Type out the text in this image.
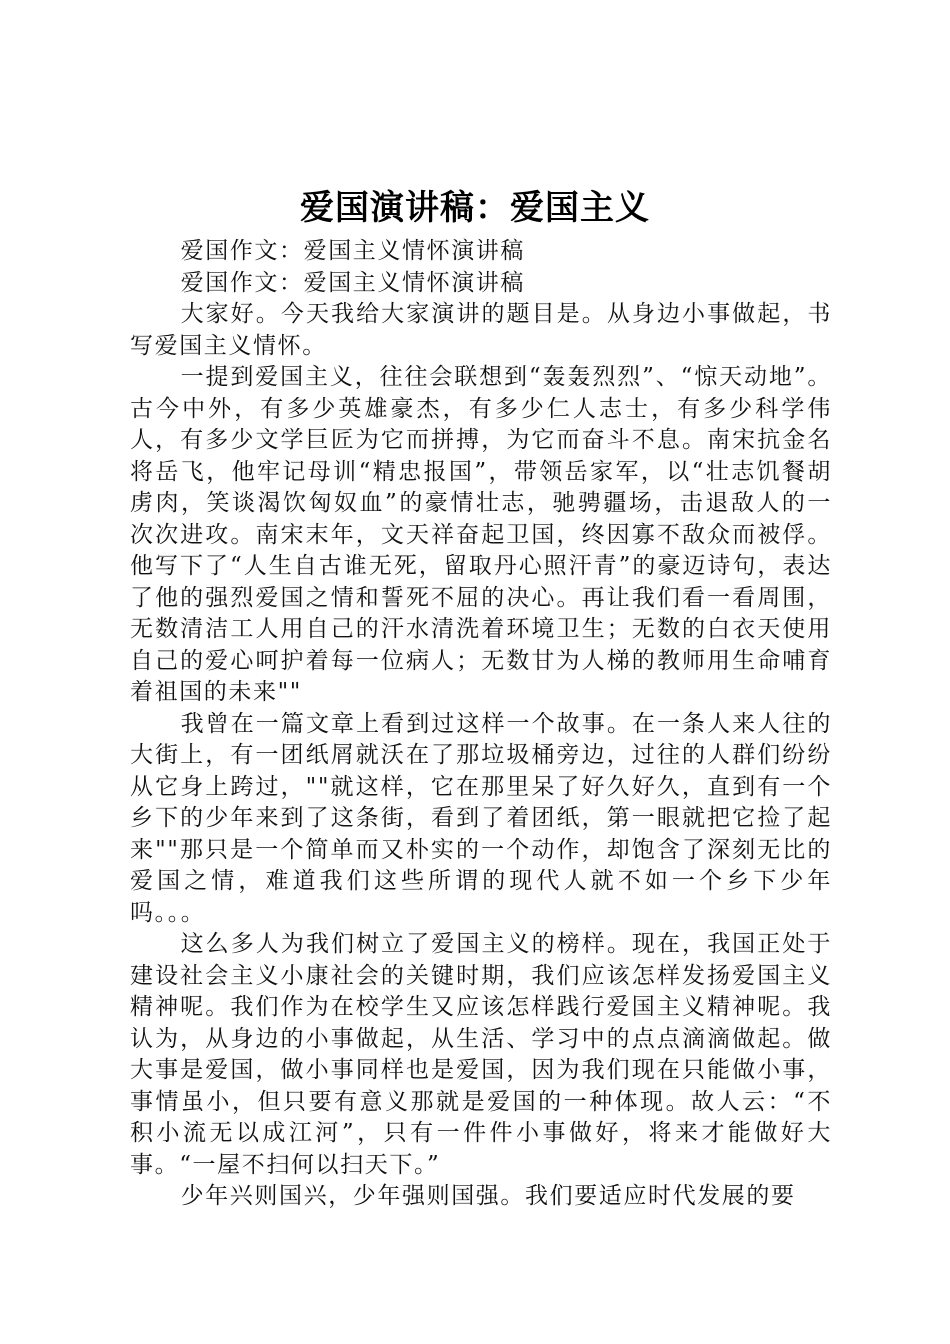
爱国演讲稿：爱国主义

爱国作文：爱国主义情怀演讲稿

爱国作文：爱国主义情怀演讲稿

大家好。今天我给大家演讲的题目是。从身边小事做起，书写爱国主义情怀。

一提到爱国主义，往往会联想到“轰轰烈烈”、“惊天动地”。古今中外，有多少英雄豪杰，有多少仁人志士，有多少科学伟人，有多少文学巨匠为它而拼搏，为它而奋斗不息。南宋抗金名将岳飞，他牢记母训“精忠报国”，带领岳家军，以“壮志饥餐胡虏肉，笑谈渴饮匈奴血”的豪情壮志，驰骋疆场，击退敌人的一次次进攻。南宋末年，文天祥奋起卫国，终因寡不敌众而被俘。他写下了“人生自古谁无死，留取丹心照汗青”的豪迈诗句，表达了他的强烈爱国之情和誓死不屈的决心。再让我们看一看周围，无数清洁工人用自己的汗水清洗着环境卫生；无数的白衣天使用自己的爱心呵护着每一位病人；无数甘为人梯的教师用生命哺育着祖国的未来""

我曾在一篇文章上看到过这样一个故事。在一条人来人往的大街上，有一团纸屑就沃在了那垃圾桶旁边，过往的人群们纷纷从它身上跨过，""就这样，它在那里呆了好久好久，直到有一个乡下的少年来到了这条街，看到了着团纸，第一眼就把它捡了起来""那只是一个简单而又朴实的一个动作，却饱含了深刻无比的爱国之情，难道我们这些所谓的现代人就不如一个乡下少年吗。。。

这么多人为我们树立了爱国主义的榜样。现在，我国正处于建设社会主义小康社会的关键时期，我们应该怎样发扬爱国主义精神呢。我们作为在校学生又应该怎样践行爱国主义精神呢。我认为，从身边的小事做起，从生活、学习中的点点滴滴做起。做大事是爱国，做小事同样也是爱国，因为我们现在只能做小事，事情虽小，但只要有意义那就是爱国的一种体现。故人云：“不积小流无以成江河”，只有一件件小事做好，将来才能做好大事。“一屋不扫何以扫天下。”

少年兴则国兴，少年强则国强。我们要适应时代发展的要
